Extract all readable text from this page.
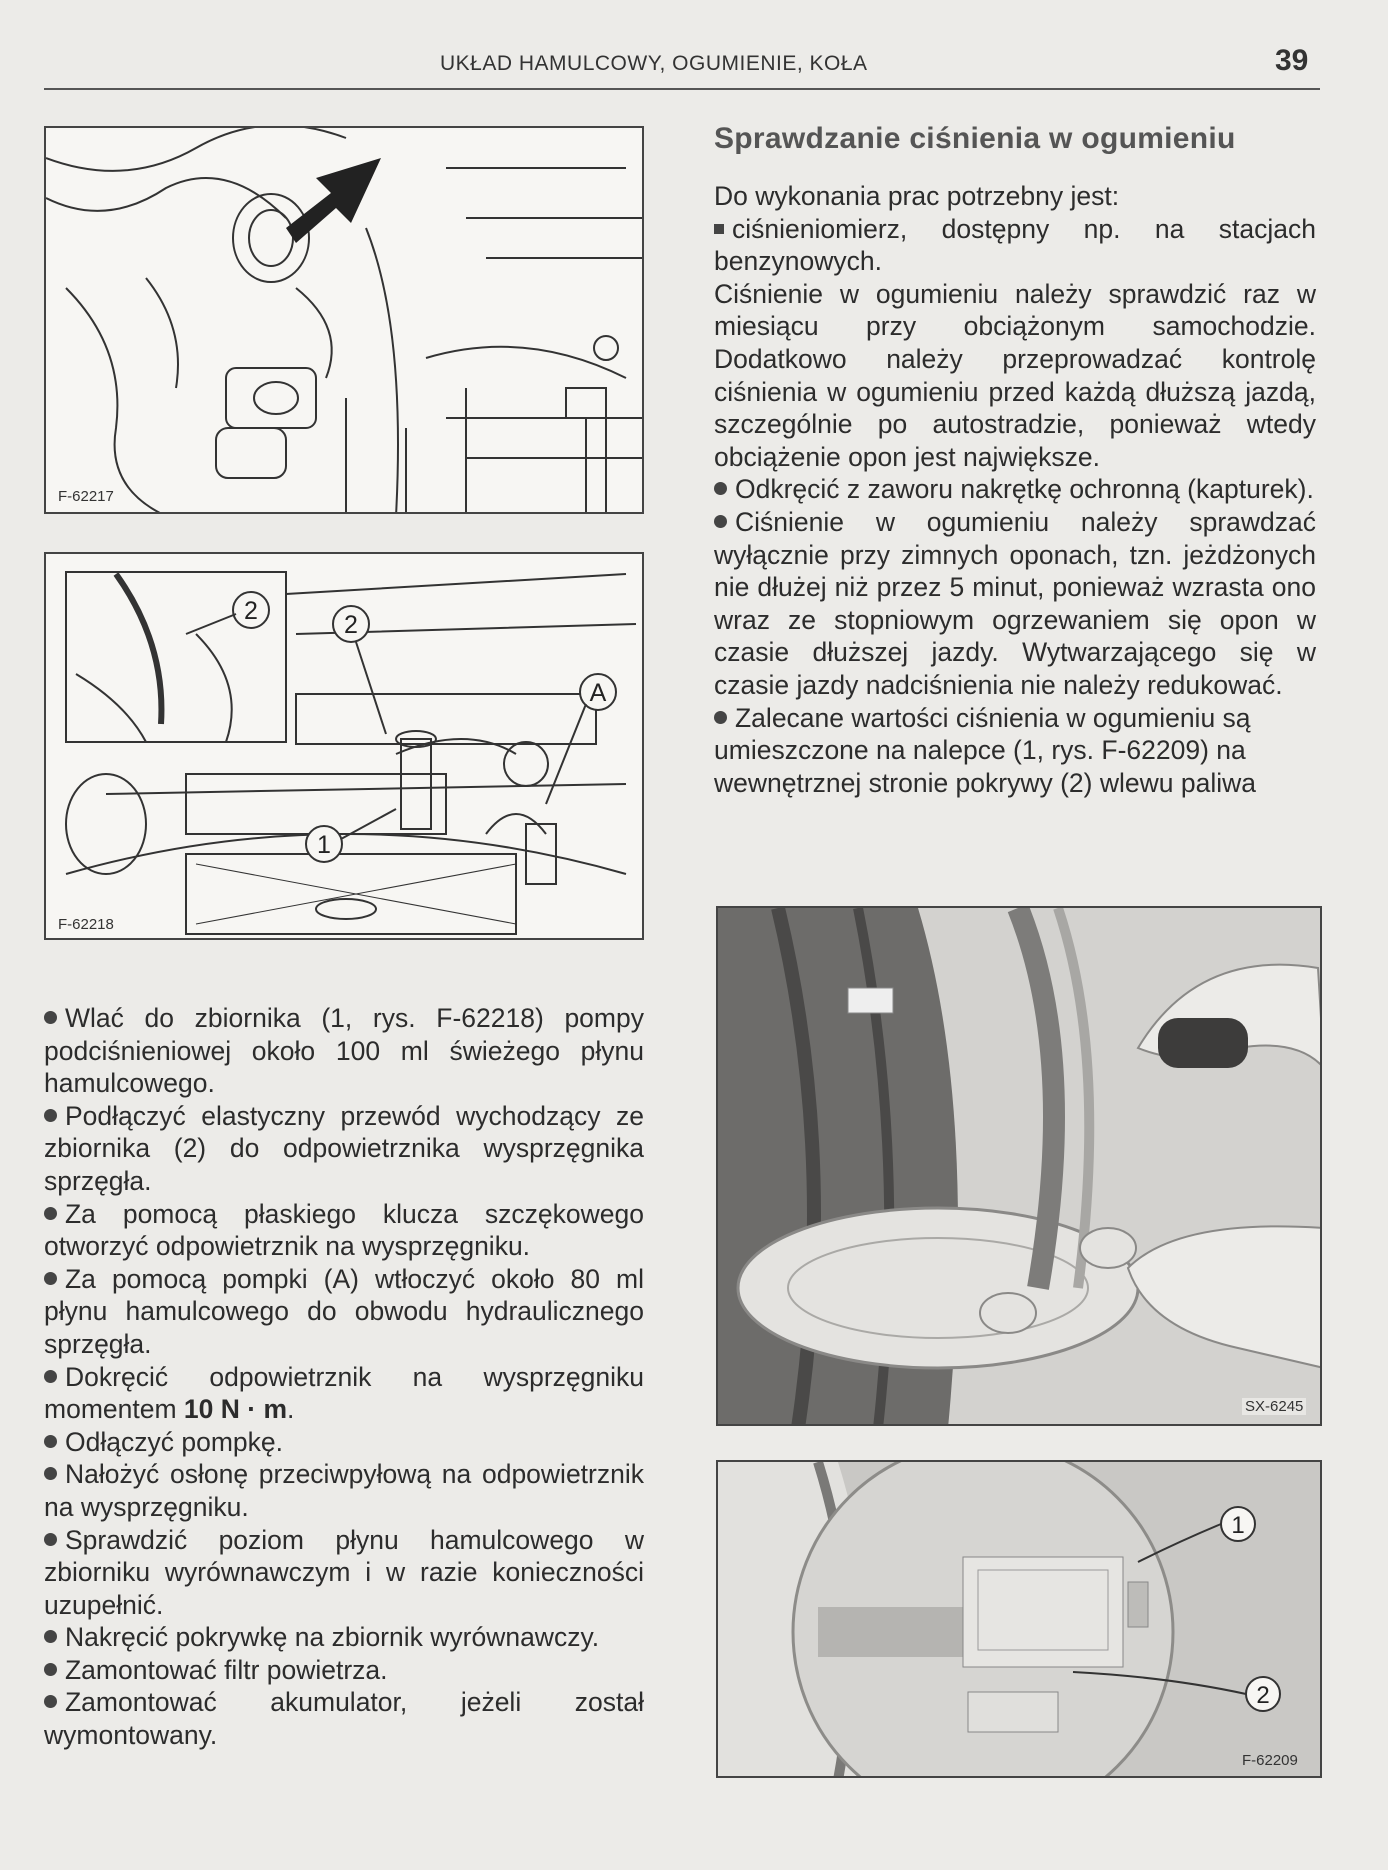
UKŁAD HAMULCOWY, OGUMIENIE, KOŁA	39
F-62217
2	2
A
1
F-62218

Wlać do zbiornika (1, rys. F-62218) pompy podciśnieniowej około 100 ml świeżego płynu hamulcowego.

Podłączyć elastyczny przewód wychodzący ze zbiornika (2) do odpowietrznika wysprzęgnika sprzęgła.

Za pomocą płaskiego klucza szczękowego otworzyć odpowietrznik na wysprzęgniku.

Za pomocą pompki (A) wtłoczyć około 80 ml płynu hamulcowego do obwodu hydraulicznego sprzęgła.

Dokręcić odpowietrznik na wysprzęgniku momentem 10 N · m.

Odłączyć pompkę.

Nałożyć osłonę przeciwpyłową na odpowietrznik na wysprzęgniku.

Sprawdzić poziom płynu hamulcowego w zbiorniku wyrównawczym i w razie konieczności uzupełnić.

Nakręcić pokrywkę na zbiornik wyrównawczy.

Zamontować filtr powietrza.

Zamontować akumulator, jeżeli został wymontowany.

Sprawdzanie ciśnienia w ogumieniu

Do wykonania prac potrzebny jest:

ciśnieniomierz, dostępny np. na stacjach benzynowych.

Ciśnienie w ogumieniu należy sprawdzić raz w miesiącu przy obciążonym samochodzie. Dodatkowo należy przeprowadzać kontrolę ciśnienia w ogumieniu przed każdą dłuższą jazdą, szczególnie po autostradzie, ponieważ wtedy obciążenie opon jest największe.

Odkręcić z zaworu nakrętkę ochronną (kapturek).

Ciśnienie w ogumieniu należy sprawdzać wyłącznie przy zimnych oponach, tzn. jeżdżonych nie dłużej niż przez 5 minut, ponieważ wzrasta ono wraz ze stopniowym ogrzewaniem się opon w czasie dłuższej jazdy. Wytwarzającego się w czasie jazdy nadciśnienia nie należy redukować.

Zalecane wartości ciśnienia w ogumieniu są umieszczone na nalepce (1, rys. F-62209) na wewnętrznej stronie pokrywy (2) wlewu paliwa

SX-6245
1
2
F-62209
